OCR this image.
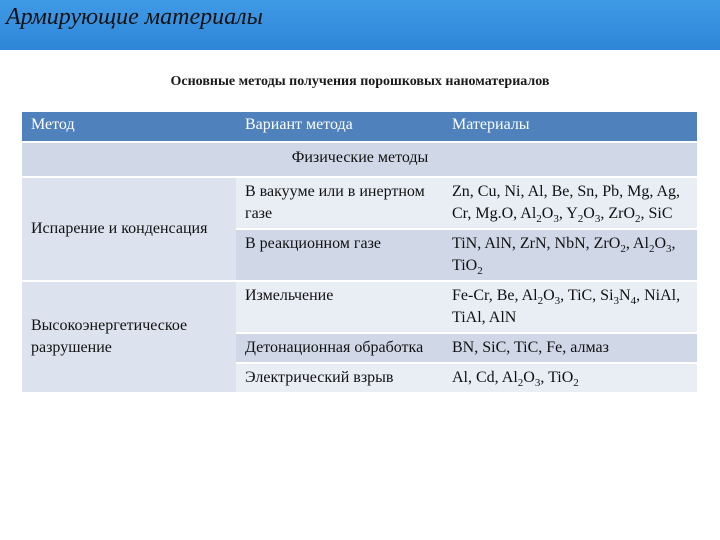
Армирующие материалы
Основные методы получения порошковых наноматериалов
Метод	Вариант метода	Материалы
Физические методы		
Испарение и конденсация	В вакууме или в инертном газе	Zn, Cu, Ni, Al, Be, Sn, Pb, Mg, Ag, Cr, Mg.O, $Al_2O_3$, $Y_2O_3$, ZrO$_2$, SiC
	В реакционном газе	TiN, AlN, ZrN, NbN, ZrO$_2$, $Al_2O_3$, TiO$_2$
Высокоэнергетическое разрушение	Измельчение	Fe-Cr, Be, $Al_2O_3$, TiC, $Si_3N_4$, NiAl, TiAl, AlN
	Детонационная обработка	BN, SiC, TiC, Fe, алмаз
	Электрический взрыв	Al, Cd, $Al_2O_3$, TiO$_2$
